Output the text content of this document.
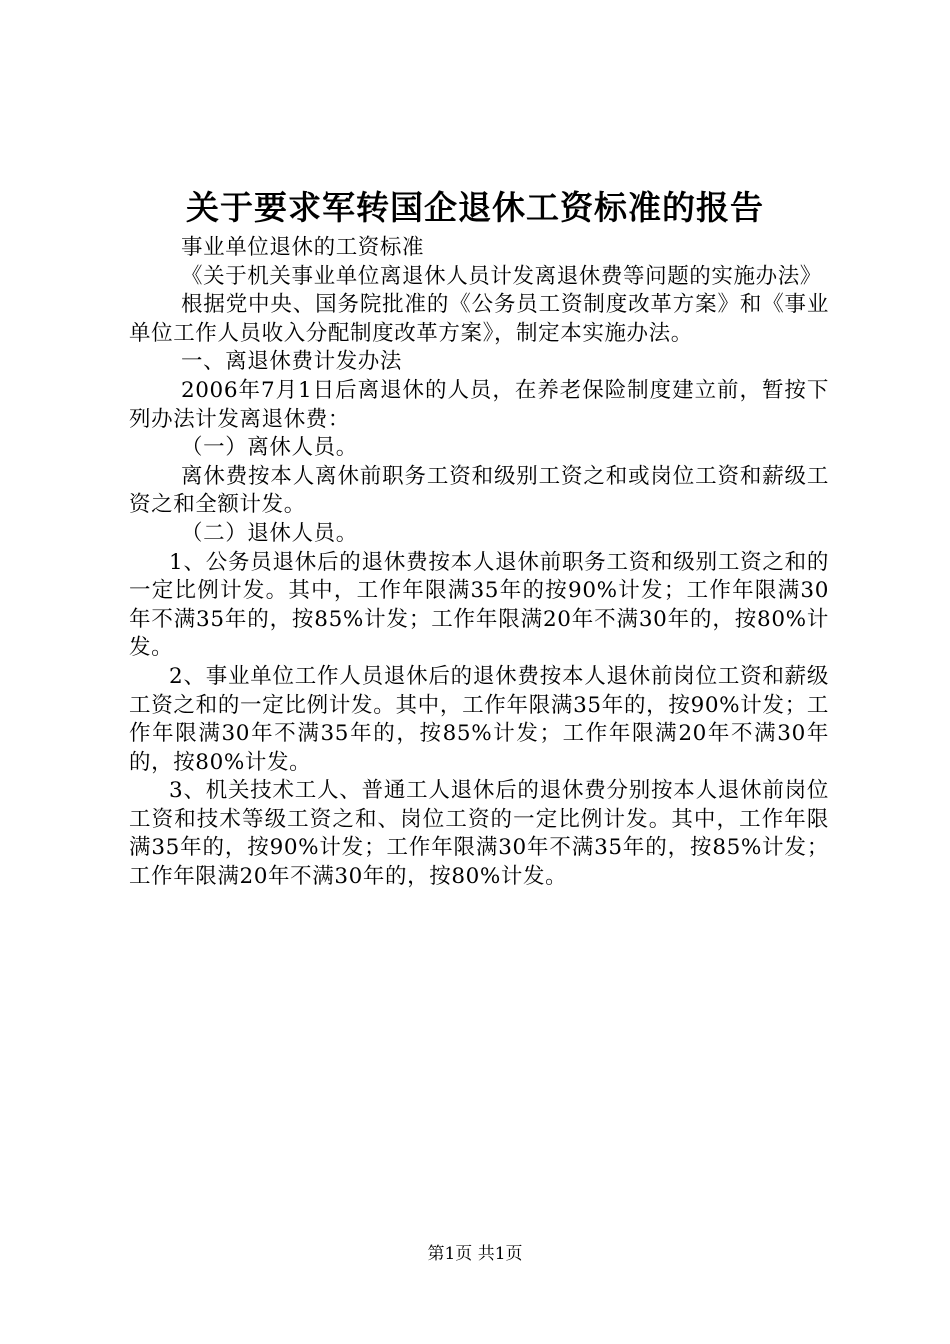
关于要求军转国企退休工资标准的报告

事业单位退休的工资标准

《关于机关事业单位离退休人员计发离退休费等问题的实施办法》

根据党中央、国务院批准的《公务员工资制度改革方案》和《事业单位工作人员收入分配制度改革方案》，制定本实施办法。

一、离退休费计发办法

2006年7月1日后离退休的人员，在养老保险制度建立前，暂按下列办法计发离退休费：

（一）离休人员。

离休费按本人离休前职务工资和级别工资之和或岗位工资和薪级工资之和全额计发。

（二）退休人员。

1、公务员退休后的退休费按本人退休前职务工资和级别工资之和的一定比例计发。其中，工作年限满35年的按90%计发；工作年限满30年不满35年的，按85%计发；工作年限满20年不满30年的，按80%计发。

2、事业单位工作人员退休后的退休费按本人退休前岗位工资和薪级工资之和的一定比例计发。其中，工作年限满35年的，按90%计发；工作年限满30年不满35年的，按85%计发；工作年限满20年不满30年的，按80%计发。

3、机关技术工人、普通工人退休后的退休费分别按本人退休前岗位工资和技术等级工资之和、岗位工资的一定比例计发。其中，工作年限满35年的，按90%计发；工作年限满30年不满35年的，按85%计发；工作年限满20年不满30年的，按80%计发。

第1页 共1页
